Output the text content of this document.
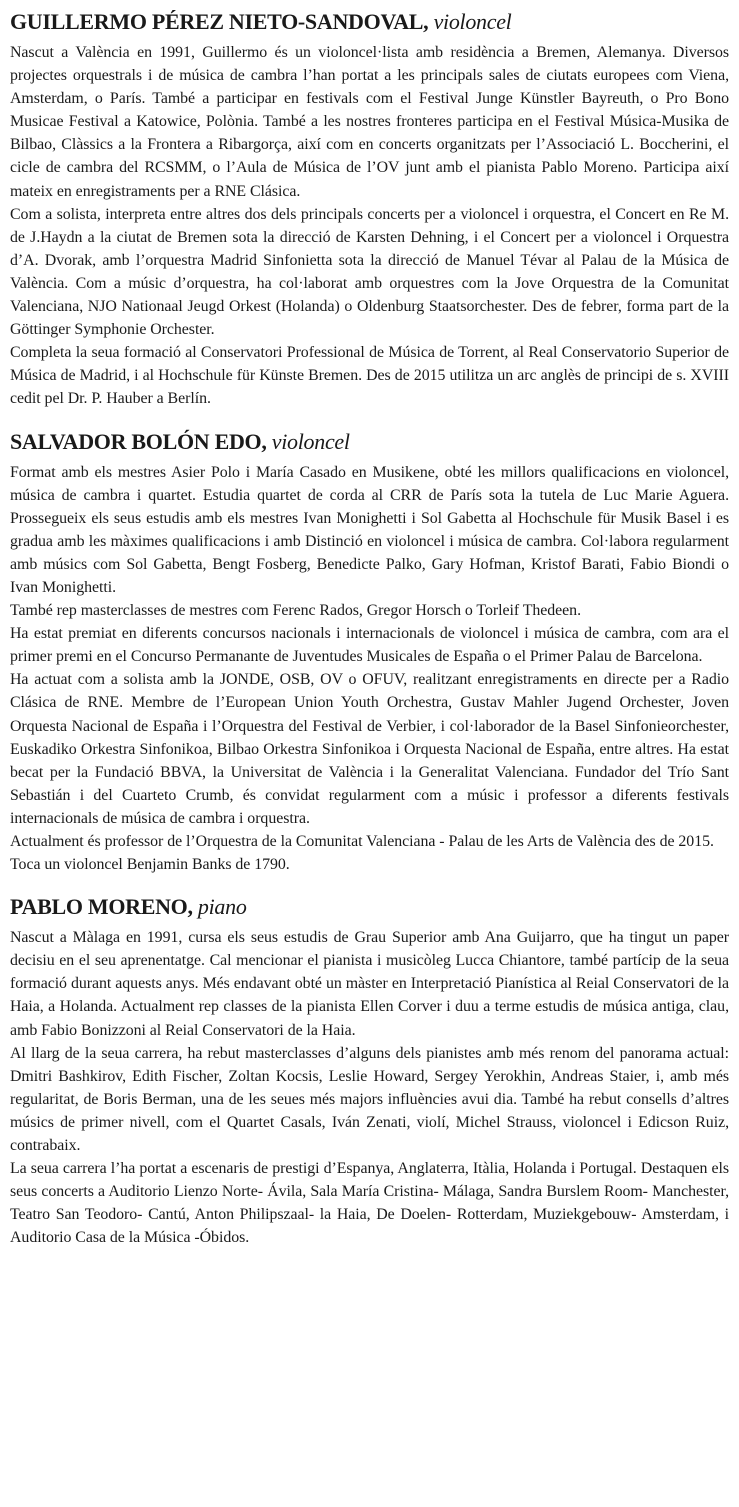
GUILLERMO PÉREZ NIETO-SANDOVAL, violoncel

Nascut a València en 1991, Guillermo és un violoncel·lista amb residència a Bremen, Alemanya. Diversos projectes orquestrals i de música de cambra l’han portat a les principals sales de ciutats europees com Viena, Amsterdam, o París. També a participar en festivals com el Festival Junge Künstler Bayreuth, o Pro Bono Musicae Festival a Katowice, Polònia. També a les nostres fronteres participa en el Festival Música-Musika de Bilbao, Clàssics a la Frontera a Ribargorça, així com en concerts organitzats per l’Associació L. Boccherini, el cicle de cambra del RCSMM, o l’Aula de Música de l’OV junt amb el pianista Pablo Moreno. Participa així mateix en enregistraments per a RNE Clásica.

Com a solista, interpreta entre altres dos dels principals concerts per a violoncel i orquestra, el Concert en Re M. de J.Haydn a la ciutat de Bremen sota la direcció de Karsten Dehning, i el Concert per a violoncel i Orquestra d’A. Dvorak, amb l’orquestra Madrid Sinfonietta sota la direcció de Manuel Tévar al Palau de la Música de València. Com a músic d’orquestra, ha col·laborat amb orquestres com la Jove Orquestra de la Comunitat Valenciana, NJO Nationaal Jeugd Orkest (Holanda) o Oldenburg Staatsorchester. Des de febrer, forma part de la Göttinger Symphonie Orchester.

Completa la seua formació al Conservatori Professional de Música de Torrent, al Real Conservatorio Superior de Música de Madrid, i al Hochschule für Künste Bremen. Des de 2015 utilitza un arc anglès de principi de s. XVIII cedit pel Dr. P. Hauber a Berlín.

SALVADOR BOLÓN EDO, violoncel

Format amb els mestres Asier Polo i María Casado en Musikene, obté les millors qualificacions en violoncel, música de cambra i quartet. Estudia quartet de corda al CRR de París sota la tutela de Luc Marie Aguera. Prossegueix els seus estudis amb els mestres Ivan Monighetti i Sol Gabetta al Hochschule für Musik Basel i es gradua amb les màximes qualificacions i amb Distinció en violoncel i música de cambra. Col·labora regularment amb músics com Sol Gabetta, Bengt Fosberg, Benedicte Palko, Gary Hofman, Kristof Barati, Fabio Biondi o Ivan Monighetti.

També rep masterclasses de mestres com Ferenc Rados, Gregor Horsch o Torleif Thedeen.

Ha estat premiat en diferents concursos nacionals i internacionals de violoncel i música de cambra, com ara el primer premi en el Concurso Permanante de Juventudes Musicales de España o el Primer Palau de Barcelona.

Ha actuat com a solista amb la JONDE, OSB, OV o OFUV, realitzant enregistraments en directe per a Radio Clásica de RNE. Membre de l’European Union Youth Orchestra, Gustav Mahler Jugend Orchester, Joven Orquesta Nacional de España i l’Orquestra del Festival de Verbier, i col·laborador de la Basel Sinfonieorchester, Euskadiko Orkestra Sinfonikoa, Bilbao Orkestra Sinfonikoa i Orquesta Nacional de España, entre altres. Ha estat becat per la Fundació BBVA, la Universitat de València i la Generalitat Valenciana. Fundador del Trío Sant Sebastián i del Cuarteto Crumb, és convidat regularment com a músic i professor a diferents festivals internacionals de música de cambra i orquestra.

Actualment és professor de l’Orquestra de la Comunitat Valenciana - Palau de les Arts de València des de 2015.

Toca un violoncel Benjamin Banks de 1790.

PABLO MORENO, piano

Nascut a Màlaga en 1991, cursa els seus estudis de Grau Superior amb Ana Guijarro, que ha tingut un paper decisiu en el seu aprenentatge. Cal mencionar el pianista i musicòleg Lucca Chiantore, també partícip de la seua formació durant aquests anys. Més endavant obté un màster en Interpretació Pianística al Reial Conservatori de la Haia, a Holanda. Actualment rep classes de la pianista Ellen Corver i duu a terme estudis de música antiga, clau, amb Fabio Bonizzoni al Reial Conservatori de la Haia.

Al llarg de la seua carrera, ha rebut masterclasses d’alguns dels pianistes amb més renom del panorama actual: Dmitri Bashkirov, Edith Fischer, Zoltan Kocsis, Leslie Howard, Sergey Yerokhin, Andreas Staier, i, amb més regularitat, de Boris Berman, una de les seues més majors influències avui dia. També ha rebut consells d’altres músics de primer nivell, com el Quartet Casals, Iván Zenati, violí, Michel Strauss, violoncel i Edicson Ruiz, contrabaix.

La seua carrera l’ha portat a escenaris de prestigi d’Espanya, Anglaterra, Itàlia, Holanda i Portugal. Destaquen els seus concerts a Auditorio Lienzo Norte- Ávila, Sala María Cristina- Málaga, Sandra Burslem Room- Manchester, Teatro San Teodoro- Cantú, Anton Philipszaal- la Haia, De Doelen- Rotterdam, Muziekgebouw- Amsterdam, i Auditorio Casa de la Música -Óbidos.
